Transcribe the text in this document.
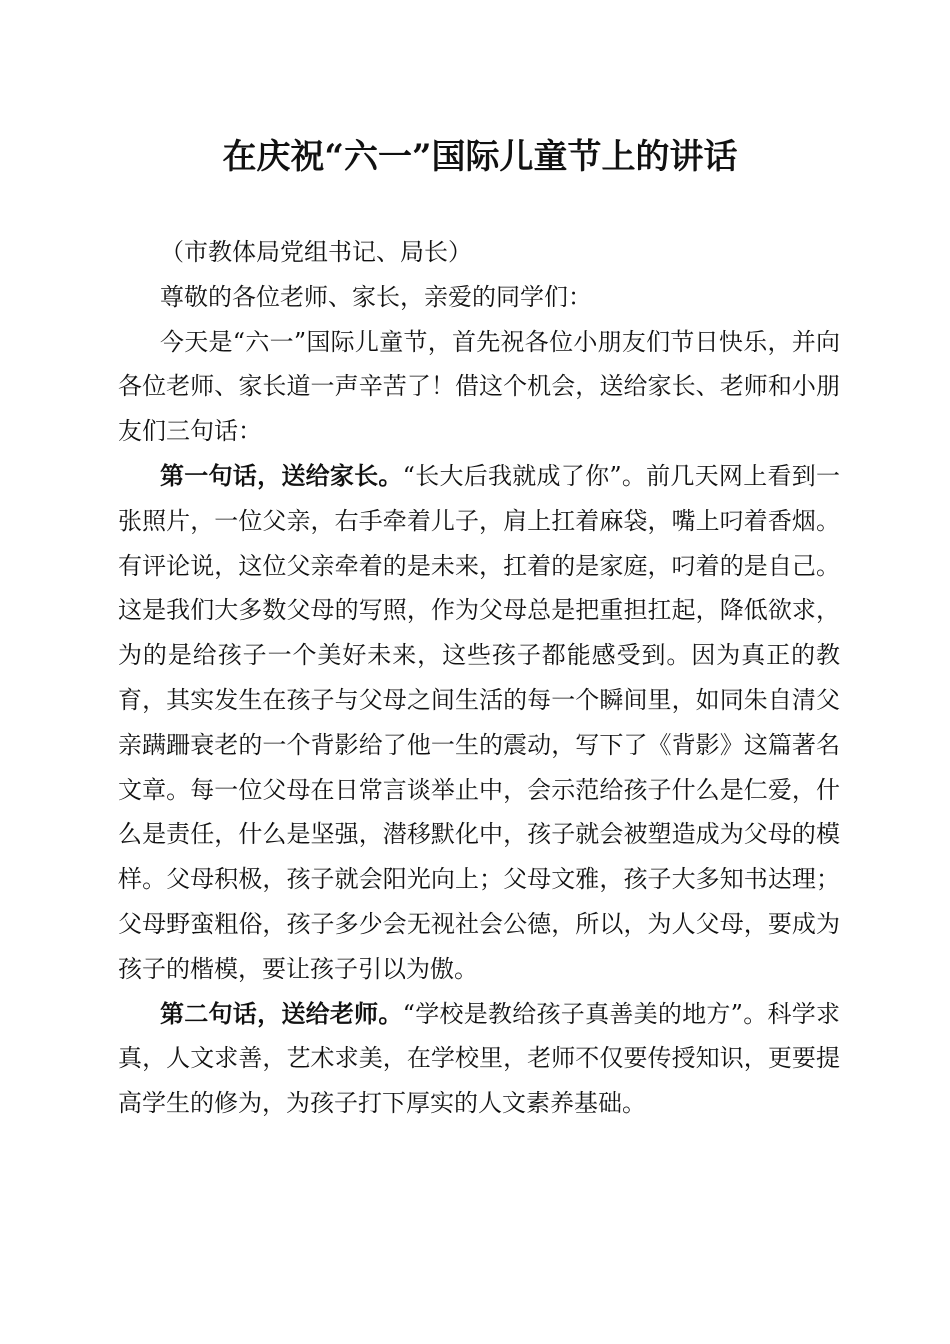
在庆祝“六一”国际儿童节上的讲话

（市教体局党组书记、局长）

尊敬的各位老师、家长，亲爱的同学们：

今天是“六一”国际儿童节，首先祝各位小朋友们节日快乐，并向各位老师、家长道一声辛苦了！借这个机会，送给家长、老师和小朋友们三句话：

第一句话，送给家长。“长大后我就成了你”。前几天网上看到一张照片，一位父亲，右手牵着儿子，肩上扛着麻袋，嘴上叼着香烟。有评论说，这位父亲牵着的是未来，扛着的是家庭，叼着的是自己。这是我们大多数父母的写照，作为父母总是把重担扛起，降低欲求，为的是给孩子一个美好未来，这些孩子都能感受到。因为真正的教育，其实发生在孩子与父母之间生活的每一个瞬间里，如同朱自清父亲蹒跚衰老的一个背影给了他一生的震动，写下了《背影》这篇著名文章。每一位父母在日常言谈举止中，会示范给孩子什么是仁爱，什么是责任，什么是坚强，潜移默化中，孩子就会被塑造成为父母的模样。父母积极，孩子就会阳光向上；父母文雅，孩子大多知书达理；父母野蛮粗俗，孩子多少会无视社会公德，所以，为人父母，要成为孩子的楷模，要让孩子引以为傲。

第二句话，送给老师。“学校是教给孩子真善美的地方”。科学求真，人文求善，艺术求美，在学校里，老师不仅要传授知识，更要提高学生的修为，为孩子打下厚实的人文素养基础。
